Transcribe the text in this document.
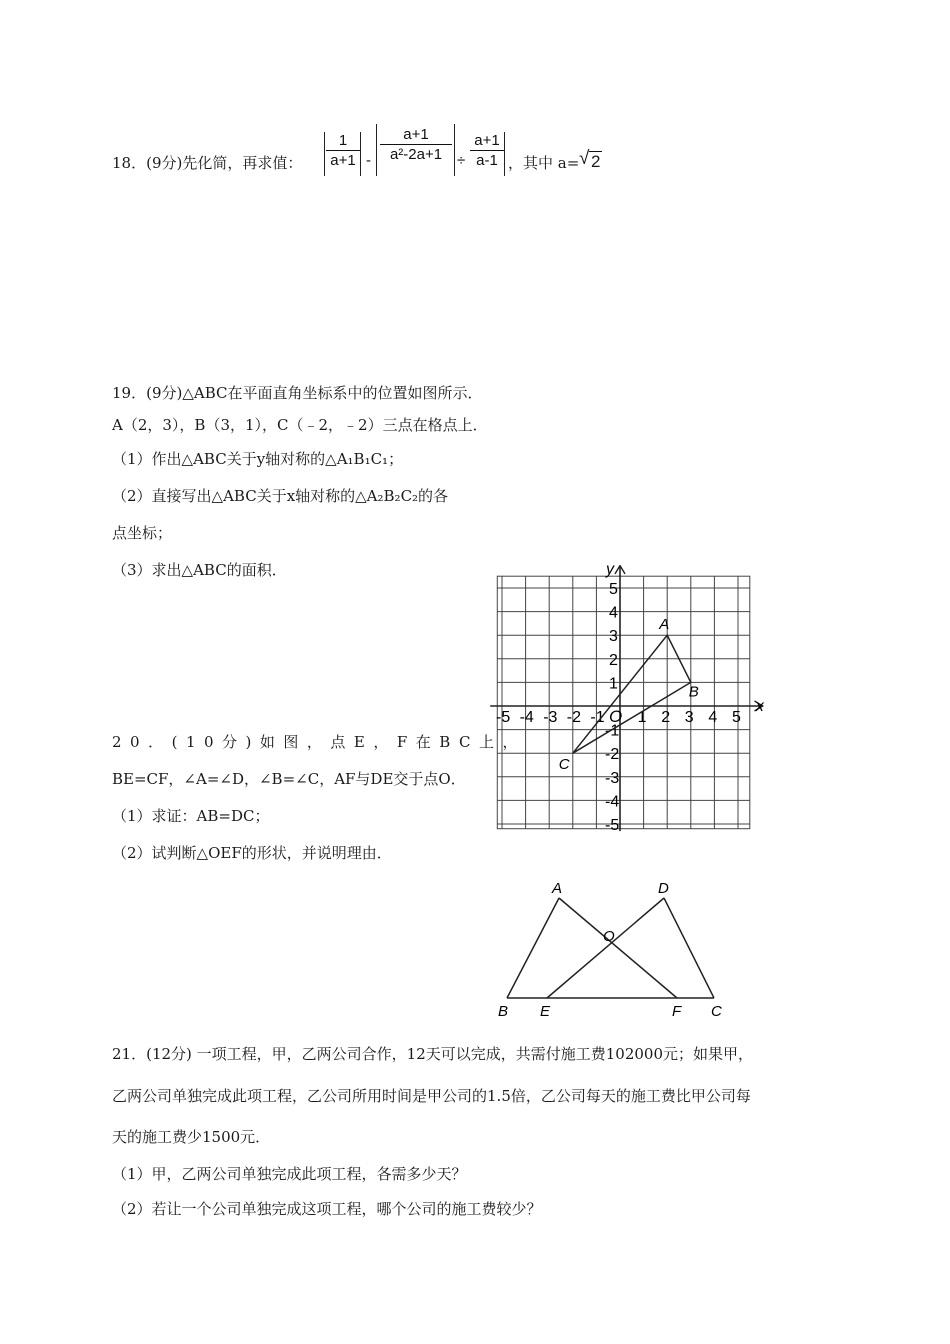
18．(9分)先化简，再求值：
1
a+1 -
a+1
a²-2a+1 ÷
a+1
a-1 ，其中 a= √ 2
19．(9分)△ABC在平面直角坐标系中的位置如图所示．
A（2，3），B（3，1），C（﹣2，﹣2）三点在格点上．
（1）作出△ABC关于y轴对称的△A₁B₁C₁；
（2）直接写出△ABC关于x轴对称的△A₂B₂C₂的各
点坐标；
（3）求出△ABC的面积．
-5 -4 -3 -2 -1 1 2 3 4 5
5
4
3
2
1
-1
-2
-3
-4
-5
A
B
C
x
y
O
20．(10分)如图，点E，F在BC上，
BE=CF，∠A=∠D，∠B=∠C，AF与DE交于点O．
（1）求证：AB=DC；
（2）试判断△OEF的形状，并说明理由．
A	D
O
B E	F C
21．(12分) 一项工程，甲，乙两公司合作，12天可以完成，共需付施工费102000元；如果甲，
乙两公司单独完成此项工程，乙公司所用时间是甲公司的1.5倍，乙公司每天的施工费比甲公司每
天的施工费少1500元．
（1）甲，乙两公司单独完成此项工程，各需多少天？
（2）若让一个公司单独完成这项工程，哪个公司的施工费较少？
